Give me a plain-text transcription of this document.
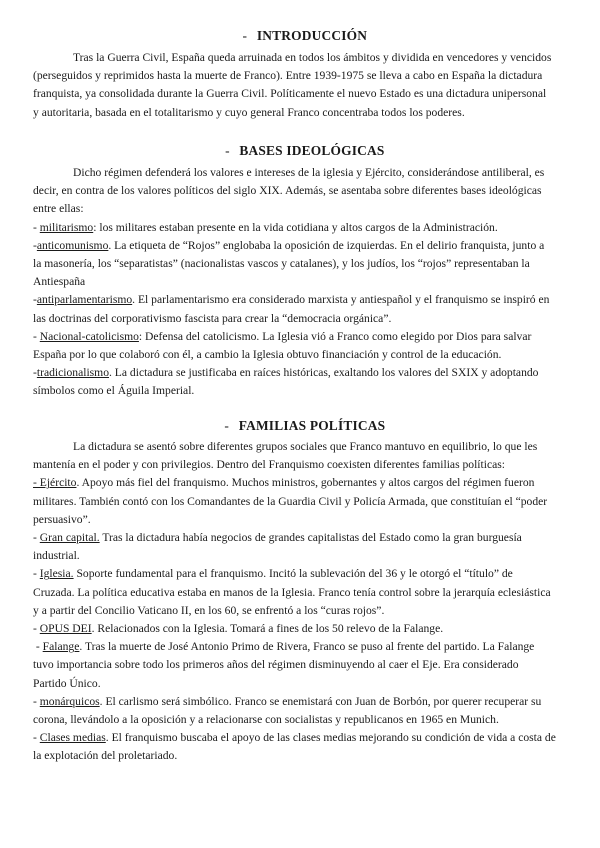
- INTRODUCCIÓN
Tras la Guerra Civil, España queda arruinada en todos los ámbitos y dividida en vencedores y vencidos
(perseguidos y reprimidos hasta la muerte de Franco). Entre 1939-1975 se lleva a cabo en España la dictadura
franquista, ya consolidada durante la Guerra Civil. Políticamente el nuevo Estado es una dictadura unipersonal
y autoritaria, basada en el totalitarismo y cuyo general Franco concentraba todos los poderes.
- BASES IDEOLÓGICAS
Dicho régimen defenderá los valores e intereses de la iglesia y Ejército, considerándose antiliberal, es
decir, en contra de los valores políticos del siglo XIX. Además, se asentaba sobre diferentes bases ideológicas
entre ellas:
- militarismo: los militares estaban presente en la vida cotidiana y altos cargos de la Administración.
-anticomunismo. La etiqueta de “Rojos” englobaba la oposición de izquierdas. En el delirio franquista, junto a
la masonería, los “separatistas” (nacionalistas vascos y catalanes), y los judíos, los “rojos” representaban la
Antiespaña
-antiparlamentarismo. El parlamentarismo era considerado marxista y antiespañol y el franquismo se inspiró en
las doctrinas del corporativismo fascista para crear la “democracia orgánica”.
- Nacional-catolicismo: Defensa del catolicismo. La Iglesia vió a Franco como elegido por Dios para salvar
España por lo que colaboró con él, a cambio la Iglesia obtuvo financiación y control de la educación.
-tradicionalismo. La dictadura se justificaba en raíces históricas, exaltando los valores del SXIX y adoptando
símbolos como el Águila Imperial.
- FAMILIAS POLÍTICAS
La dictadura se asentó sobre diferentes grupos sociales que Franco mantuvo en equilibrio, lo que les
mantenía en el poder y con privilegios. Dentro del Franquismo coexisten diferentes familias políticas:
- Ejército. Apoyo más fiel del franquismo. Muchos ministros, gobernantes y altos cargos del régimen fueron
militares. También contó con los Comandantes de la Guardia Civil y Policía Armada, que constituían el “poder
persuasivo”.
- Gran capital. Tras la dictadura había negocios de grandes capitalistas del Estado como la gran burguesía
industrial.
- Iglesia. Soporte fundamental para el franquismo. Incitó la sublevación del 36 y le otorgó el “título” de
Cruzada. La política educativa estaba en manos de la Iglesia. Franco tenía control sobre la jerarquía eclesiástica
y a partir del Concilio Vaticano II, en los 60, se enfrentó a los “curas rojos”.
- OPUS DEI. Relacionados con la Iglesia. Tomará a fines de los 50 relevo de la Falange.
- Falange. Tras la muerte de José Antonio Primo de Rivera, Franco se puso al frente del partido. La Falange
tuvo importancia sobre todo los primeros años del régimen disminuyendo al caer el Eje. Era considerado
Partido Único.
- monárquicos. El carlismo será simbólico. Franco se enemistará con Juan de Borbón, por querer recuperar su
corona, llevándolo a la oposición y a relacionarse con socialistas y republicanos en 1965 en Munich.
- Clases medias. El franquismo buscaba el apoyo de las clases medias mejorando su condición de vida a costa de
la explotación del proletariado.
